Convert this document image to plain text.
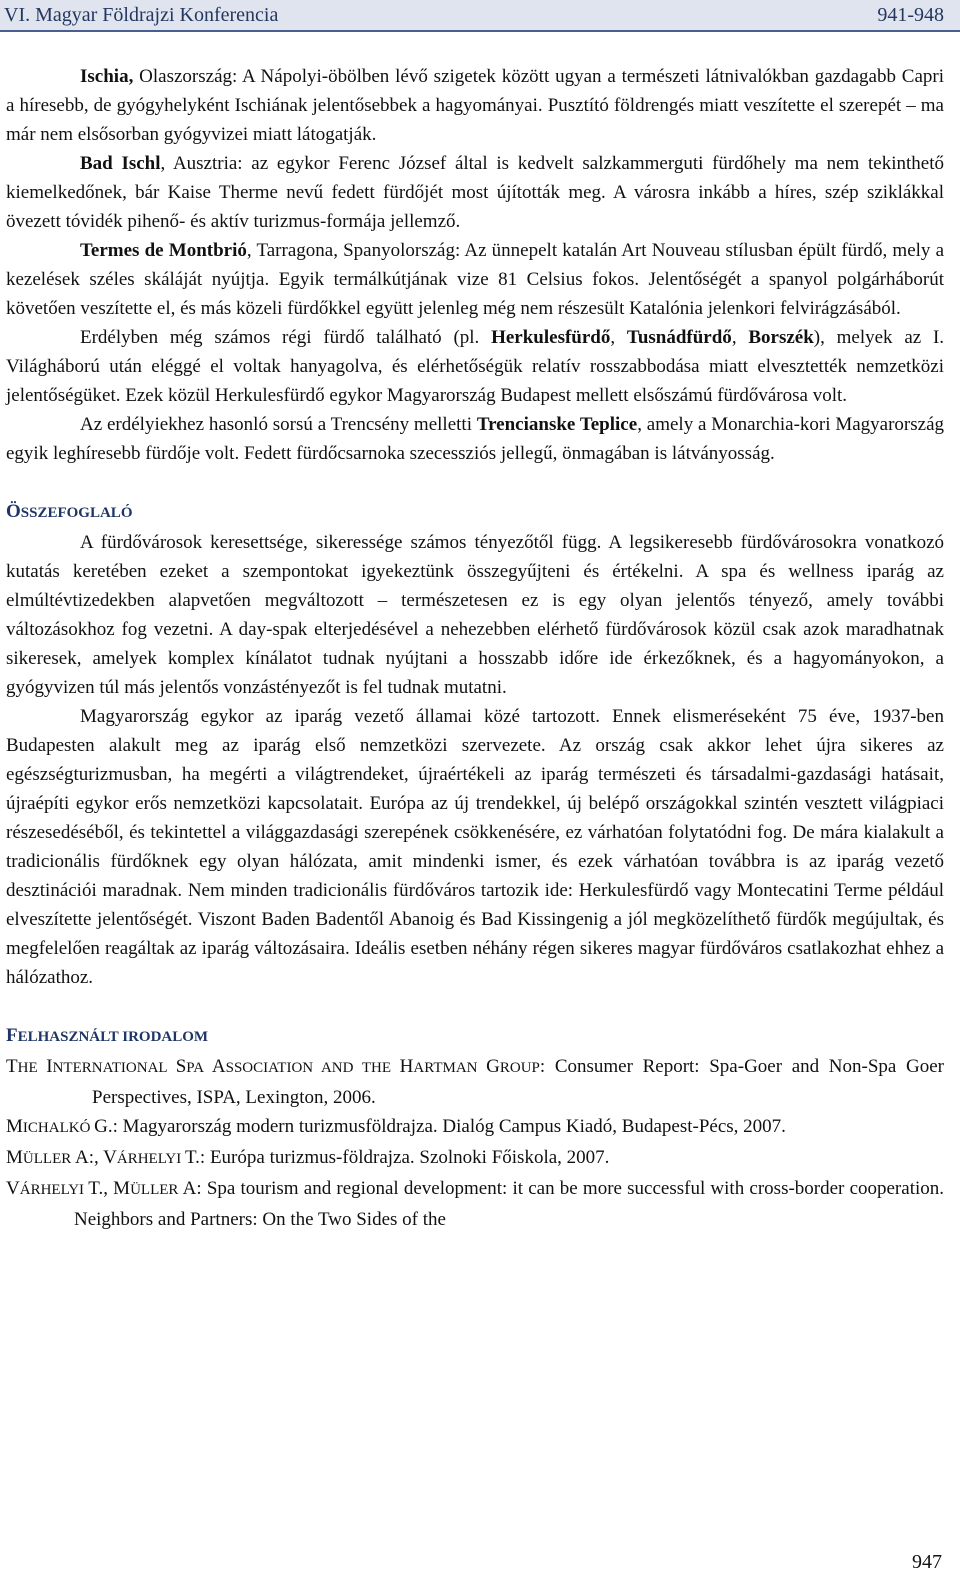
VI. Magyar Földrajzi Konferencia	941-948

Ischia, Olaszország: A Nápolyi-öbölben lévő szigetek között ugyan a természeti látnivalókban gazdagabb Capri a híresebb, de gyógyhelyként Ischiának jelentősebbek a hagyományai. Pusztító földrengés miatt veszítette el szerepét – ma már nem elsősorban gyógyvizei miatt látogatják.

Bad Ischl, Ausztria: az egykor Ferenc József által is kedvelt salzkammerguti fürdőhely ma nem tekinthető kiemelkedőnek, bár Kaise Therme nevű fedett fürdőjét most újították meg. A városra inkább a híres, szép sziklákkal övezett tóvidék pihenő- és aktív turizmus-formája jellemző.

Termes de Montbrió, Tarragona, Spanyolország: Az ünnepelt katalán Art Nouveau stílusban épült fürdő, mely a kezelések széles skáláját nyújtja. Egyik termálkútjának vize 81 Celsius fokos. Jelentőségét a spanyol polgárháborút követően veszítette el, és más közeli fürdőkkel együtt jelenleg még nem részesült Katalónia jelenkori felvirágzásából.

Erdélyben még számos régi fürdő található (pl. Herkulesfürdő, Tusnádfürdő, Borszék), melyek az I. Világháború után eléggé el voltak hanyagolva, és elérhetőségük relatív rosszabbodása miatt elvesztették nemzetközi jelentőségüket. Ezek közül Herkulesfürdő egykor Magyarország Budapest mellett elsőszámú fürdővárosa volt.

Az erdélyiekhez hasonló sorsú a Trencsény melletti Trencianske Teplice, amely a Monarchia-kori Magyarország egyik leghíresebb fürdője volt. Fedett fürdőcsarnoka szecessziós jellegű, önmagában is látványosság.

ÖSSZEFOGLALÓ

A fürdővárosok keresettsége, sikeressége számos tényezőtől függ. A legsikeresebb fürdővárosokra vonatkozó kutatás keretében ezeket a szempontokat igyekeztünk összegyűjteni és értékelni. A spa és wellness iparág az elmúltévtizedekben alapvetően megváltozott – természetesen ez is egy olyan jelentős tényező, amely további változásokhoz fog vezetni. A day-spak elterjedésével a nehezebben elérhető fürdővárosok közül csak azok maradhatnak sikeresek, amelyek komplex kínálatot tudnak nyújtani a hosszabb időre ide érkezőknek, és a hagyományokon, a gyógyvizen túl más jelentős vonzástényezőt is fel tudnak mutatni.

Magyarország egykor az iparág vezető államai közé tartozott. Ennek elismeréseként 75 éve, 1937-ben Budapesten alakult meg az iparág első nemzetközi szervezete. Az ország csak akkor lehet újra sikeres az egészségturizmusban, ha megérti a világtrendeket, újraértékeli az iparág természeti és társadalmi-gazdasági hatásait, újraépíti egykor erős nemzetközi kapcsolatait. Európa az új trendekkel, új belépő országokkal szintén vesztett világpiaci részesedéséből, és tekintettel a világgazdasági szerepének csökkenésére, ez várhatóan folytatódni fog. De mára kialakult a tradicionális fürdőknek egy olyan hálózata, amit mindenki ismer, és ezek várhatóan továbbra is az iparág vezető desztinációi maradnak. Nem minden tradicionális fürdőváros tartozik ide: Herkulesfürdő vagy Montecatini Terme például elveszítette jelentőségét. Viszont Baden Badentől Abanoig és Bad Kissingenig a jól megközelíthető fürdők megújultak, és megfelelően reagáltak az iparág változásaira. Ideális esetben néhány régen sikeres magyar fürdőváros csatlakozhat ehhez a hálózathoz.

FELHASZNÁLT IRODALOM

THE INTERNATIONAL SPA ASSOCIATION AND THE HARTMAN GROUP: Consumer Report: Spa-Goer and Non-Spa Goer Perspectives, ISPA, Lexington, 2006.

MICHALKÓ G.: Magyarország modern turizmusföldrajza. Dialóg Campus Kiadó, Budapest-Pécs, 2007.

MÜLLER A:, VÁRHELYI T.: Európa turizmus-földrajza. Szolnoki Főiskola, 2007.

VÁRHELYI T., MÜLLER A: Spa tourism and regional development: it can be more successful with cross-border cooperation. Neighbors and Partners: On the Two Sides of the

947
